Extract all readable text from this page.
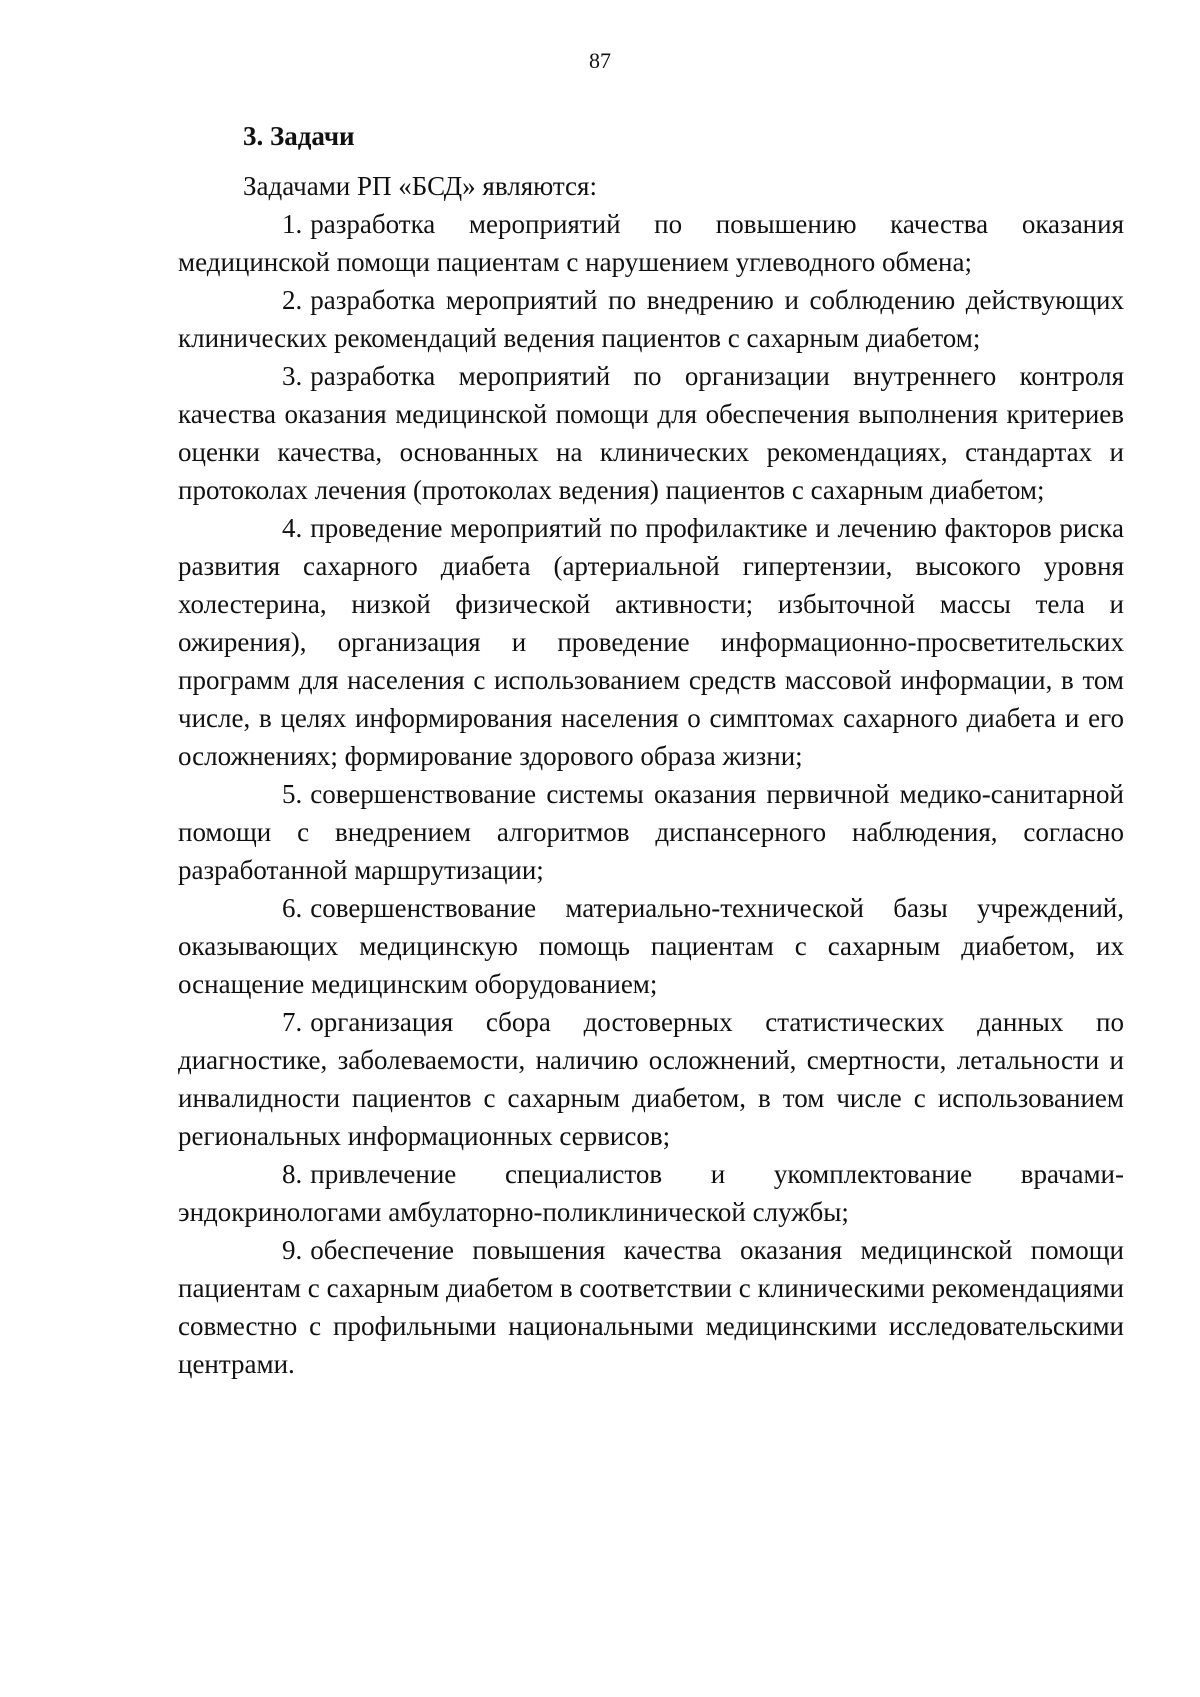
87

3. Задачи

Задачами РП «БСД» являются:

1. разработка мероприятий по повышению качества оказания медицинской помощи пациентам с нарушением углеводного обмена;

2. разработка мероприятий по внедрению и соблюдению действующих клинических рекомендаций ведения пациентов с сахарным диабетом;

3. разработка мероприятий по организации внутреннего контроля качества оказания медицинской помощи для обеспечения выполнения критериев оценки качества, основанных на клинических рекомендациях, стандартах и протоколах лечения (протоколах ведения) пациентов с сахарным диабетом;

4. проведение мероприятий по профилактике и лечению факторов риска развития сахарного диабета (артериальной гипертензии, высокого уровня холестерина, низкой физической активности; избыточной массы тела и ожирения), организация и проведение информационно-просветительских программ для населения с использованием средств массовой информации, в том числе, в целях информирования населения о симптомах сахарного диабета и его осложнениях; формирование здорового образа жизни;

5. совершенствование системы оказания первичной медико-санитарной помощи с внедрением алгоритмов диспансерного наблюдения, согласно разработанной маршрутизации;

6. совершенствование материально-технической базы учреждений, оказывающих медицинскую помощь пациентам с сахарным диабетом, их оснащение медицинским оборудованием;

7. организация сбора достоверных статистических данных по диагностике, заболеваемости, наличию осложнений, смертности, летальности и инвалидности пациентов с сахарным диабетом, в том числе с использованием региональных информационных сервисов;

8. привлечение специалистов и укомплектование врачами-эндокринологами амбулаторно-поликлинической службы;

9. обеспечение повышения качества оказания медицинской помощи пациентам с сахарным диабетом в соответствии с клиническими рекомендациями совместно с профильными национальными медицинскими исследовательскими центрами.
